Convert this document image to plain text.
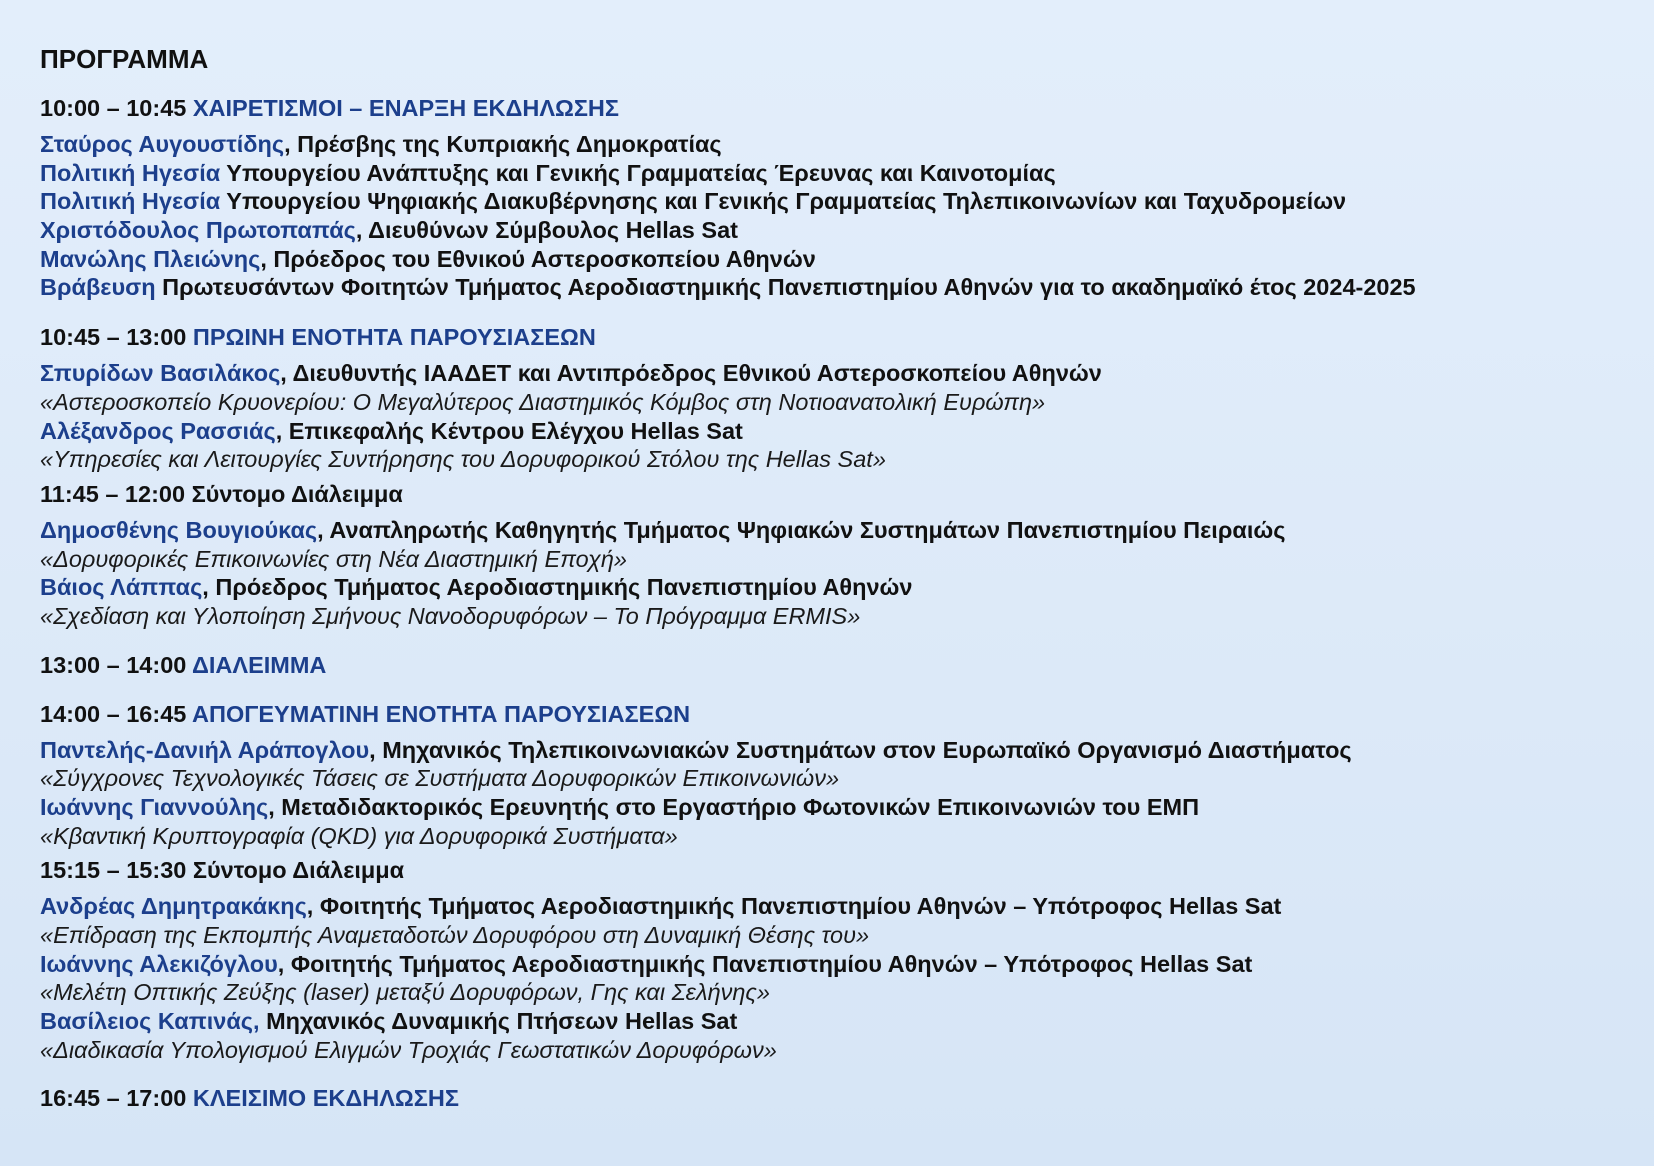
ΠΡΟΓΡΑΜΜΑ
10:00 – 10:45 ΧΑΙΡΕΤΙΣΜΟΙ – ΕΝΑΡΞΗ ΕΚΔΗΛΩΣΗΣ
Σταύρος Αυγουστίδης, Πρέσβης της Κυπριακής Δημοκρατίας
Πολιτική Ηγεσία Υπουργείου Ανάπτυξης και Γενικής Γραμματείας Έρευνας και Καινοτομίας
Πολιτική Ηγεσία Υπουργείου Ψηφιακής Διακυβέρνησης και Γενικής Γραμματείας Τηλεπικοινωνίων και Ταχυδρομείων
Χριστόδουλος Πρωτοπαπάς, Διευθύνων Σύμβουλος Hellas Sat
Μανώλης Πλειώνης, Πρόεδρος του Εθνικού Αστεροσκοπείου Αθηνών
Βράβευση Πρωτευσάντων Φοιτητών Τμήματος Αεροδιαστημικής Πανεπιστημίου Αθηνών για το ακαδημαϊκό έτος 2024-2025
10:45 – 13:00 ΠΡΩΙΝΗ ΕΝΟΤΗΤΑ ΠΑΡΟΥΣΙΑΣΕΩΝ
Σπυρίδων Βασιλάκος, Διευθυντής ΙΑΑΔΕΤ και Αντιπρόεδρος Εθνικού Αστεροσκοπείου Αθηνών
«Αστεροσκοπείο Κρυονερίου: Ο Μεγαλύτερος Διαστημικός Κόμβος στη Νοτιοανατολική Ευρώπη»
Αλέξανδρος Ρασσιάς, Επικεφαλής Κέντρου Ελέγχου Hellas Sat
«Υπηρεσίες και Λειτουργίες Συντήρησης του Δορυφορικού Στόλου της Hellas Sat»
11:45 – 12:00 Σύντομο Διάλειμμα
Δημοσθένης Βουγιούκας, Αναπληρωτής Καθηγητής Τμήματος Ψηφιακών Συστημάτων Πανεπιστημίου Πειραιώς
«Δορυφορικές Επικοινωνίες στη Νέα Διαστημική Εποχή»
Βάιος Λάππας, Πρόεδρος Τμήματος Αεροδιαστημικής Πανεπιστημίου Αθηνών
«Σχεδίαση και Υλοποίηση Σμήνους Νανοδορυφόρων – Το Πρόγραμμα ERMIS»
13:00 – 14:00 ΔΙΑΛΕΙΜΜΑ
14:00 – 16:45 ΑΠΟΓΕΥΜΑΤΙΝΗ ΕΝΟΤΗΤΑ ΠΑΡΟΥΣΙΑΣΕΩΝ
Παντελής-Δανιήλ Αράπογλου, Μηχανικός Τηλεπικοινωνιακών Συστημάτων στον Ευρωπαϊκό Οργανισμό Διαστήματος
«Σύγχρονες Τεχνολογικές Τάσεις σε Συστήματα Δορυφορικών Επικοινωνιών»
Ιωάννης Γιαννούλης, Μεταδιδακτορικός Ερευνητής στο Εργαστήριο Φωτονικών Επικοινωνιών του ΕΜΠ
«Κβαντική Κρυπτογραφία (QKD) για Δορυφορικά Συστήματα»
15:15 – 15:30 Σύντομο Διάλειμμα
Ανδρέας Δημητρακάκης, Φοιτητής Τμήματος Αεροδιαστημικής Πανεπιστημίου Αθηνών – Υπότροφος Hellas Sat
«Επίδραση της Εκπομπής Αναμεταδοτών Δορυφόρου στη Δυναμική Θέσης του»
Ιωάννης Αλεκιζόγλου, Φοιτητής Τμήματος Αεροδιαστημικής Πανεπιστημίου Αθηνών – Υπότροφος Hellas Sat
«Μελέτη Οπτικής Ζεύξης (laser) μεταξύ Δορυφόρων, Γης και Σελήνης»
Βασίλειος Καπινάς, Μηχανικός Δυναμικής Πτήσεων Hellas Sat
«Διαδικασία Υπολογισμού Ελιγμών Τροχιάς Γεωστατικών Δορυφόρων»
16:45 – 17:00 ΚΛΕΙΣΙΜΟ ΕΚΔΗΛΩΣΗΣ
